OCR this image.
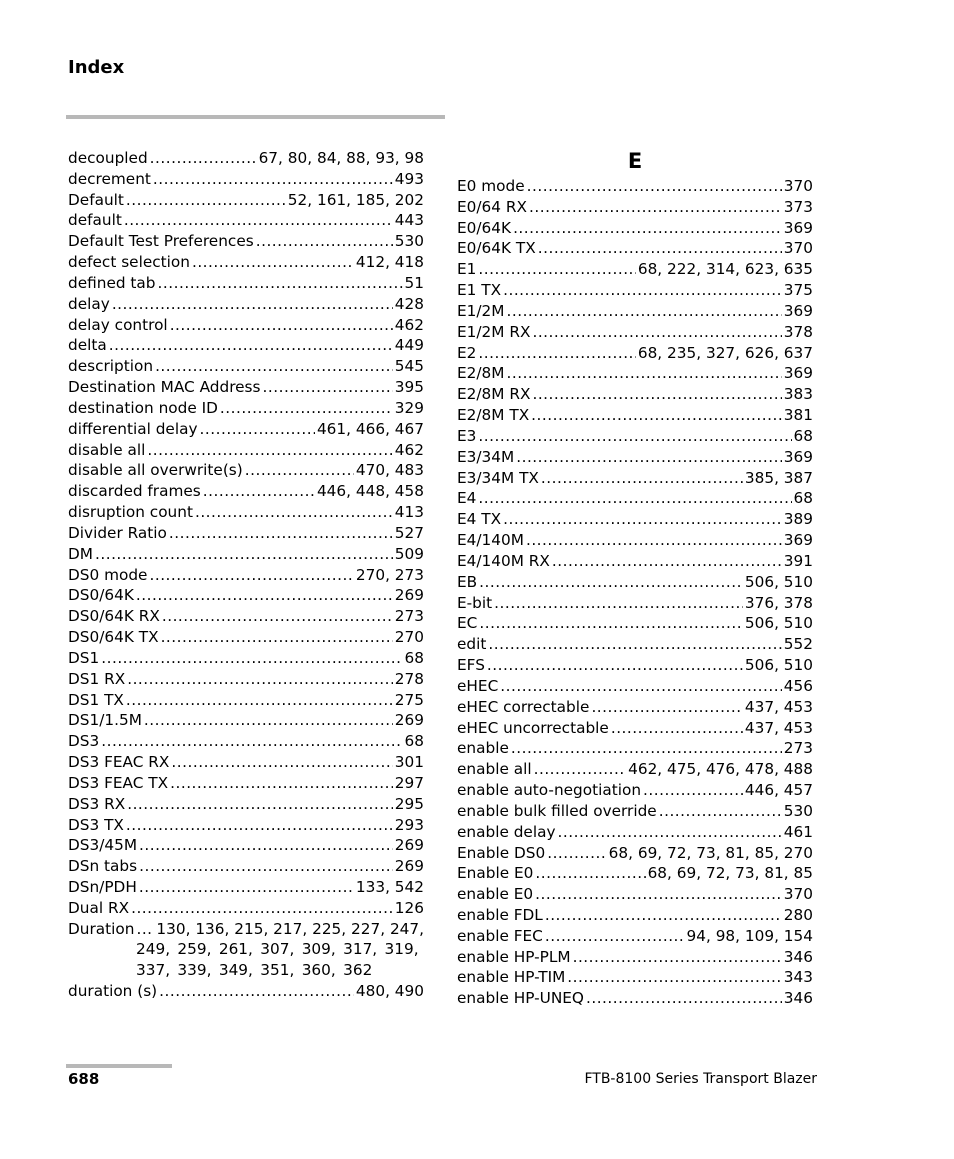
Index
decoupled .....	67, 80, 84, 88, 93, 98
decrement .....	493
Default .....	52, 161, 185, 202
default .....	443
Default Test Preferences .....	530
defect selection .....	412, 418
defined tab .....	51
delay .....	428
delay control .....	462
delta .....	449
description .....	545
Destination MAC Address .....	395
destination node ID .....	329
differential delay .....	461, 466, 467
disable all .....	462
disable all overwrite(s) .....	470, 483
discarded frames .....	446, 448, 458
disruption count .....	413
Divider Ratio .....	527
DM .....	509
DS0 mode .....	270, 273
DS0/64K .....	269
DS0/64K RX .....	273
DS0/64K TX .....	270
DS1 .....	68
DS1 RX .....	278
DS1 TX .....	275
DS1/1.5M .....	269
DS3 .....	68
DS3 FEAC RX .....	301
DS3 FEAC TX .....	297
DS3 RX .....	295
DS3 TX .....	293
DS3/45M .....	269
DSn tabs .....	269
DSn/PDH .....	133, 542
Dual RX .....	126
Duration ..... 130, 136, 215, 217, 225, 227, 247,
249, 259, 261, 307, 309, 317, 319,
337, 339, 349, 351, 360, 362
duration (s) .....	480, 490
E
E0 mode .....	370
E0/64 RX .....	373
E0/64K .....	369
E0/64K TX .....	370
E1 .....	68, 222, 314, 623, 635
E1 TX .....	375
E1/2M .....	369
E1/2M RX .....	378
E2 .....	68, 235, 327, 626, 637
E2/8M .....	369
E2/8M RX .....	383
E2/8M TX .....	381
E3 .....	68
E3/34M .....	369
E3/34M TX .....	385, 387
E4 .....	68
E4 TX .....	389
E4/140M .....	369
E4/140M RX .....	391
EB .....	506, 510
E-bit .....	376, 378
EC .....	506, 510
edit .....	552
EFS .....	506, 510
eHEC .....	456
eHEC correctable .....	437, 453
eHEC uncorrectable .....	437, 453
enable .....	273
enable all .....	462, 475, 476, 478, 488
enable auto-negotiation .....	446, 457
enable bulk filled override .....	530
enable delay .....	461
Enable DS0 .....	68, 69, 72, 73, 81, 85, 270
Enable E0 .....	68, 69, 72, 73, 81, 85
enable E0 .....	370
enable FDL .....	280
enable FEC .....	94, 98, 109, 154
enable HP-PLM .....	346
enable HP-TIM .....	343
enable HP-UNEQ .....	346
688	FTB-8100 Series Transport Blazer
